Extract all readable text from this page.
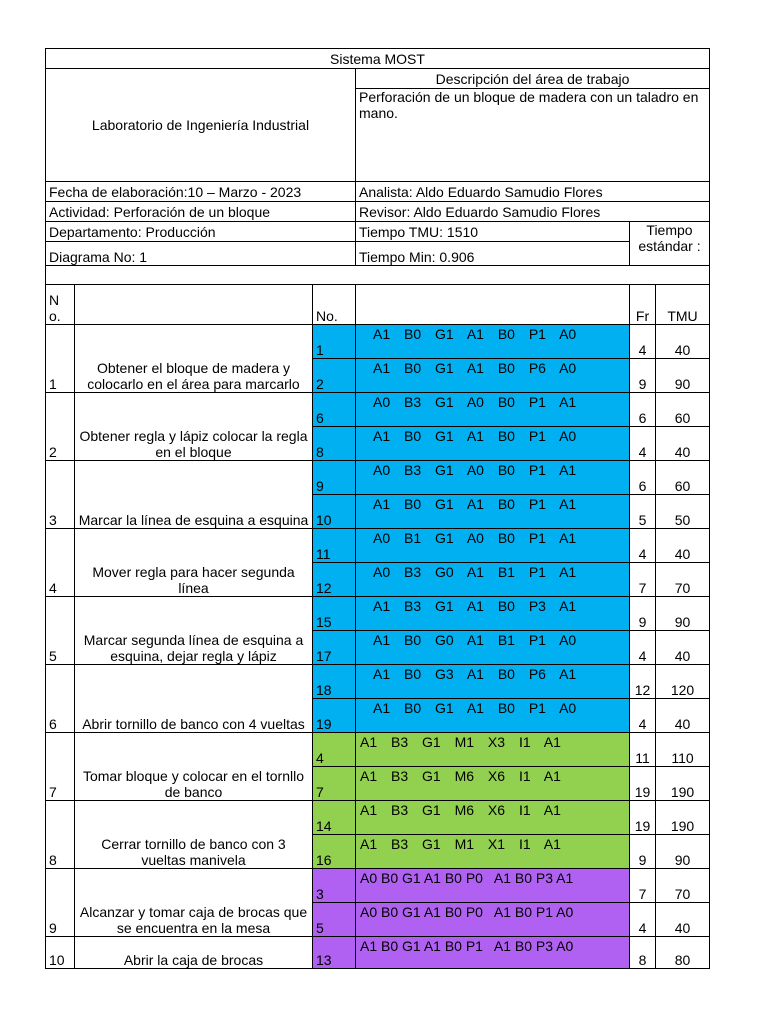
Sistema MOST					
Laboratorio de Ingeniería Industrial			Descripción del área de trabajo		
			Perforación de un bloque de madera con un taladro en mano.		
Fecha de elaboración:10 – Marzo - 2023			Analista: Aldo Eduardo Samudio Flores		
Actividad: Perforación de un bloque			Revisor: Aldo Eduardo Samudio Flores		
Departamento: Producción			Tiempo TMU: 1510	Tiempo estándar :	
Diagrama No: 1			Tiempo Min: 0.906		

N o.		No.		Fr	TMU
1	Obtener el bloque de madera y colocarlo en el área para marcarlo	1	A1 B0 G1 A1 B0 P1 A0	4	40
		2	A1 B0 G1 A1 B0 P6 A0	9	90
2	Obtener regla y lápiz colocar la regla en el bloque	6	A0 B3 G1 A0 B0 P1 A1	6	60
		8	A1 B0 G1 A1 B0 P1 A0	4	40
3	Marcar la línea de esquina a esquina	9	A0 B3 G1 A0 B0 P1 A1	6	60
		10	A1 B0 G1 A1 B0 P1 A1	5	50
4	Mover regla para hacer segunda línea	11	A0 B1 G1 A0 B0 P1 A1	4	40
		12	A0 B3 G0 A1 B1 P1 A1	7	70
5	Marcar segunda línea de esquina a esquina, dejar regla y lápiz	15	A1 B3 G1 A1 B0 P3 A1	9	90
		17	A1 B0 G0 A1 B1 P1 A0	4	40
6	Abrir tornillo de banco con 4 vueltas	18	A1 B0 G3 A1 B0 P6 A1	12	120
		19	A1 B0 G1 A1 B0 P1 A0	4	40
7	Tomar bloque y colocar en el tornllo de banco	4	A1 B3 G1 M1 X3 I1 A1	11	110
		7	A1 B3 G1 M6 X6 I1 A1	19	190
8	Cerrar tornillo de banco con 3 vueltas manivela	14	A1 B3 G1 M6 X6 I1 A1	19	190
		16	A1 B3 G1 M1 X1 I1 A1	9	90
9	Alcanzar y tomar caja de brocas que se encuentra en la mesa	3	A0 B0 G1 A1 B0 P0   A1 B0 P3 A1	7	70
		5	A0 B0 G1 A1 B0 P0   A1 B0 P1 A0	4	40
10	Abrir la caja de brocas	13	A1 B0 G1 A1 B0 P1   A1 B0 P3 A0	8	80
